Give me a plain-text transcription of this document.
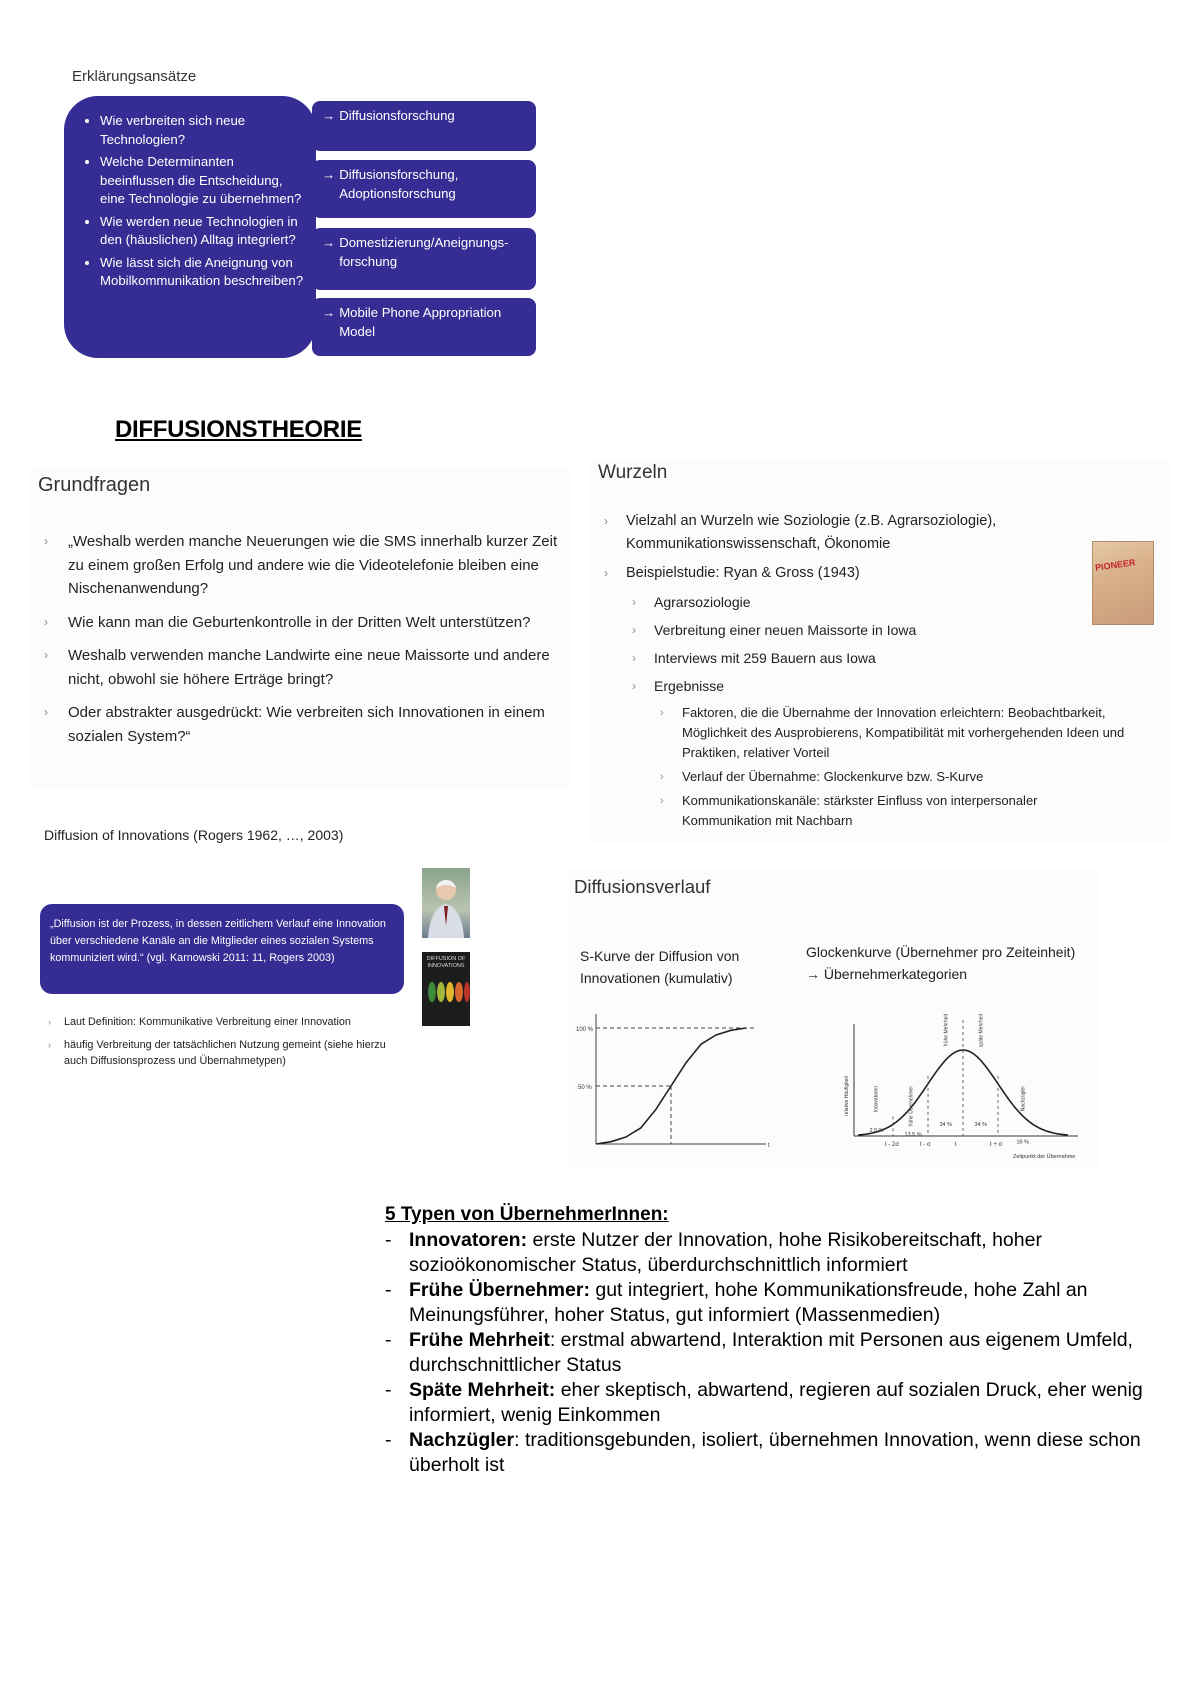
Erklärungsansätze
• Wie verbreiten sich neue Technologien?
• Welche Determinanten beeinflussen die Entscheidung, eine Technologie zu übernehmen?
• Wie werden neue Technologien in den (häuslichen) Alltag integriert?
• Wie lässt sich die Aneignung von Mobilkommunikation beschreiben?
→ Diffusionsforschung
→ Diffusionsforschung, Adoptionsforschung
→ Domestizierung/Aneignungs-forschung
→ Mobile Phone Appropriation Model
DIFFUSIONSTHEORIE
Grundfragen
› „Weshalb werden manche Neuerungen wie die SMS innerhalb kurzer Zeit zu einem großen Erfolg und andere wie die Videotelefonie bleiben eine Nischenanwendung?
› Wie kann man die Geburtenkontrolle in der Dritten Welt unterstützen?
› Weshalb verwenden manche Landwirte eine neue Maissorte und andere nicht, obwohl sie höhere Erträge bringt?
› Oder abstrakter ausgedrückt: Wie verbreiten sich Innovationen in einem sozialen System?“
Wurzeln
› Vielzahl an Wurzeln wie Soziologie (z.B. Agrarsoziologie), Kommunikationswissenschaft, Ökonomie
› Beispielstudie: Ryan & Gross (1943)
› Agrarsoziologie
› Verbreitung einer neuen Maissorte in Iowa
› Interviews mit 259 Bauern aus Iowa
› Ergebnisse
› Faktoren, die die Übernahme der Innovation erleichtern: Beobachtbarkeit, Möglichkeit des Ausprobierens, Kompatibilität mit vorhergehenden Ideen und Praktiken, relativer Vorteil
› Verlauf der Übernahme: Glockenkurve bzw. S-Kurve
› Kommunikationskanäle: stärkster Einfluss von interpersonaler Kommunikation mit Nachbarn
PIONEER
Diffusion of Innovations (Rogers 1962, …, 2003)
„Diffusion ist der Prozess, in dessen zeitlichem Verlauf eine Innovation über verschiedene Kanäle an die Mitglieder eines sozialen Systems kommuniziert wird.“ (vgl. Karnowski 2011: 11, Rogers 2003)	DIFFUSION OF INNOVATIONS
› Laut Definition: Kommunikative Verbreitung einer Innovation
› häufig Verbreitung der tatsächlichen Nutzung gemeint (siehe hierzu auch Diffusionsprozess und Übernahmetypen)
Diffusionsverlauf
S-Kurve der Diffusion von Innovationen (kumulativ)
Glockenkurve (Übernehmer pro Zeiteinheit)
→ Übernehmerkategorien
100 %
50 %
t	t - 2σ	t - σ	t	t + σ
2,5 %
13,5 %
34 %	34 %
16 %
Innovatoren	frühe Übernehmer
frühe Mehrheit	späte Mehrheit
Nachzügler
relative Häufigkeit
Zeitpunkt der Übernahme
5 Typen von ÜbernehmerInnen:
- Innovatoren: erste Nutzer der Innovation, hohe Risikobereitschaft, hoher sozioökonomischer Status, überdurchschnittlich informiert
- Frühe Übernehmer: gut integriert, hohe Kommunikationsfreude, hohe Zahl an Meinungsführer, hoher Status, gut informiert (Massenmedien)
- Frühe Mehrheit: erstmal abwartend, Interaktion mit Personen aus eigenem Umfeld, durchschnittlicher Status
- Späte Mehrheit: eher skeptisch, abwartend, regieren auf sozialen Druck, eher wenig informiert, wenig Einkommen
- Nachzügler: traditionsgebunden, isoliert, übernehmen Innovation, wenn diese schon überholt ist
